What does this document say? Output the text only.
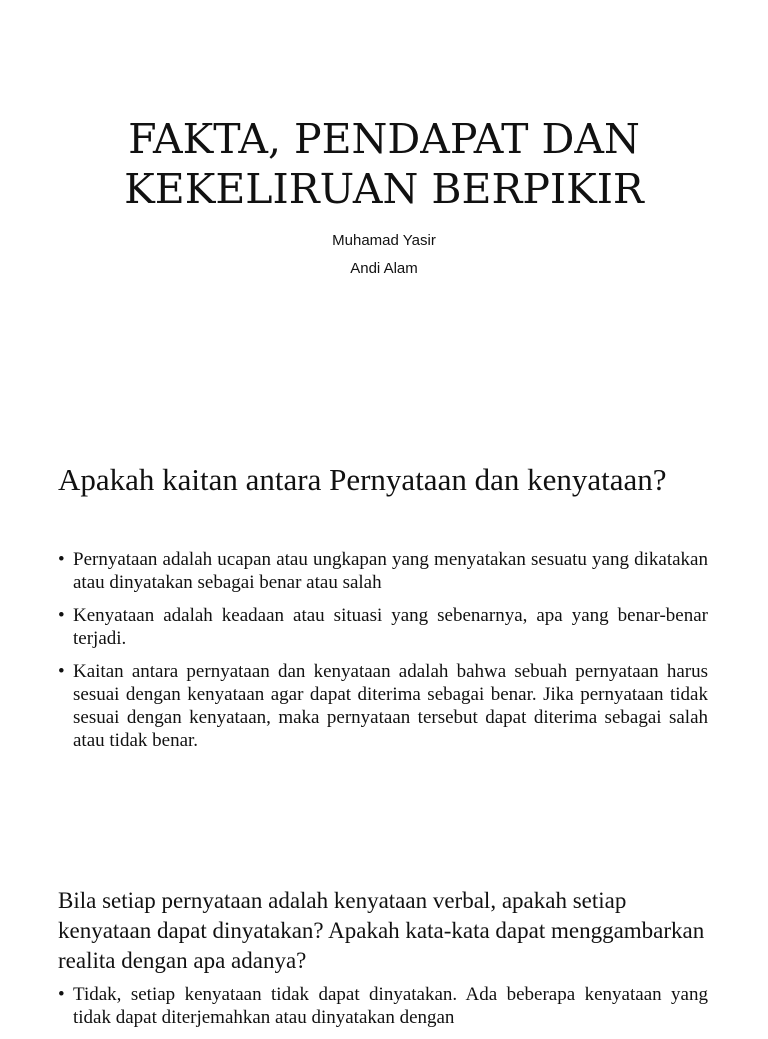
FAKTA, PENDAPAT DAN
KEKELIRUAN BERPIKIR
Muhamad Yasir
Andi Alam
Apakah kaitan antara Pernyataan dan kenyataan?
• Pernyataan adalah ucapan atau ungkapan yang menyatakan sesuatu yang dikatakan atau dinyatakan sebagai benar atau salah
• Kenyataan adalah keadaan atau situasi yang sebenarnya, apa yang benar-benar terjadi.
• Kaitan antara pernyataan dan kenyataan adalah bahwa sebuah pernyataan harus sesuai dengan kenyataan agar dapat diterima sebagai benar. Jika pernyataan tidak sesuai dengan kenyataan, maka pernyataan tersebut dapat diterima sebagai salah atau tidak benar.
Bila setiap pernyataan adalah kenyataan verbal, apakah setiap kenyataan dapat dinyatakan? Apakah kata-kata dapat menggambarkan realita dengan apa adanya?
• Tidak, setiap kenyataan tidak dapat dinyatakan. Ada beberapa kenyataan yang tidak dapat diterjemahkan atau dinyatakan dengan
